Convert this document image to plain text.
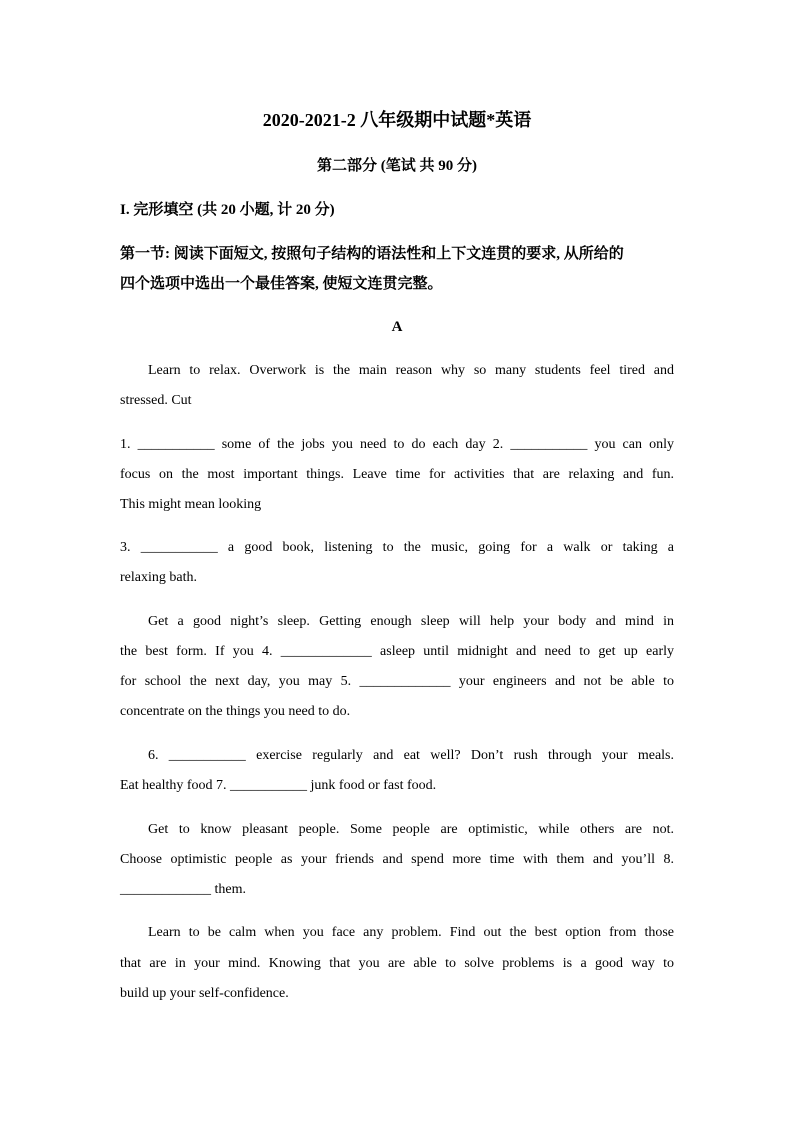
2020-2021-2 八年级期中试题*英语
第二部分 (笔试 共 90 分)
I. 完形填空 (共 20 小题, 计 20 分)
第一节: 阅读下面短文, 按照句子结构的语法性和上下文连贯的要求, 从所给的
四个选项中选出一个最佳答案, 使短文连贯完整。
A
Learn to relax. Overwork is the main reason why so many students feel tired and
stressed. Cut
1. ___________ some of the jobs you need to do each day 2. ___________ you can only
focus on the most important things. Leave time for activities that are relaxing and fun.
This might mean looking
3. ___________ a good book, listening to the music, going for a walk or taking a
relaxing bath.
Get a good night’s sleep. Getting enough sleep will help your body and mind in
the best form. If you 4. _____________ asleep until midnight and need to get up early
for school the next day, you may 5. _____________ your engineers and not be able to
concentrate on the things you need to do.
6. ___________ exercise regularly and eat well? Don’t rush through your meals.
Eat healthy food 7. ___________ junk food or fast food.
Get to know pleasant people. Some people are optimistic, while others are not.
Choose optimistic people as your friends and spend more time with them and you’ll 8.
_____________ them.
Learn to be calm when you face any problem. Find out the best option from those
that are in your mind. Knowing that you are able to solve problems is a good way to
build up your self-confidence.
